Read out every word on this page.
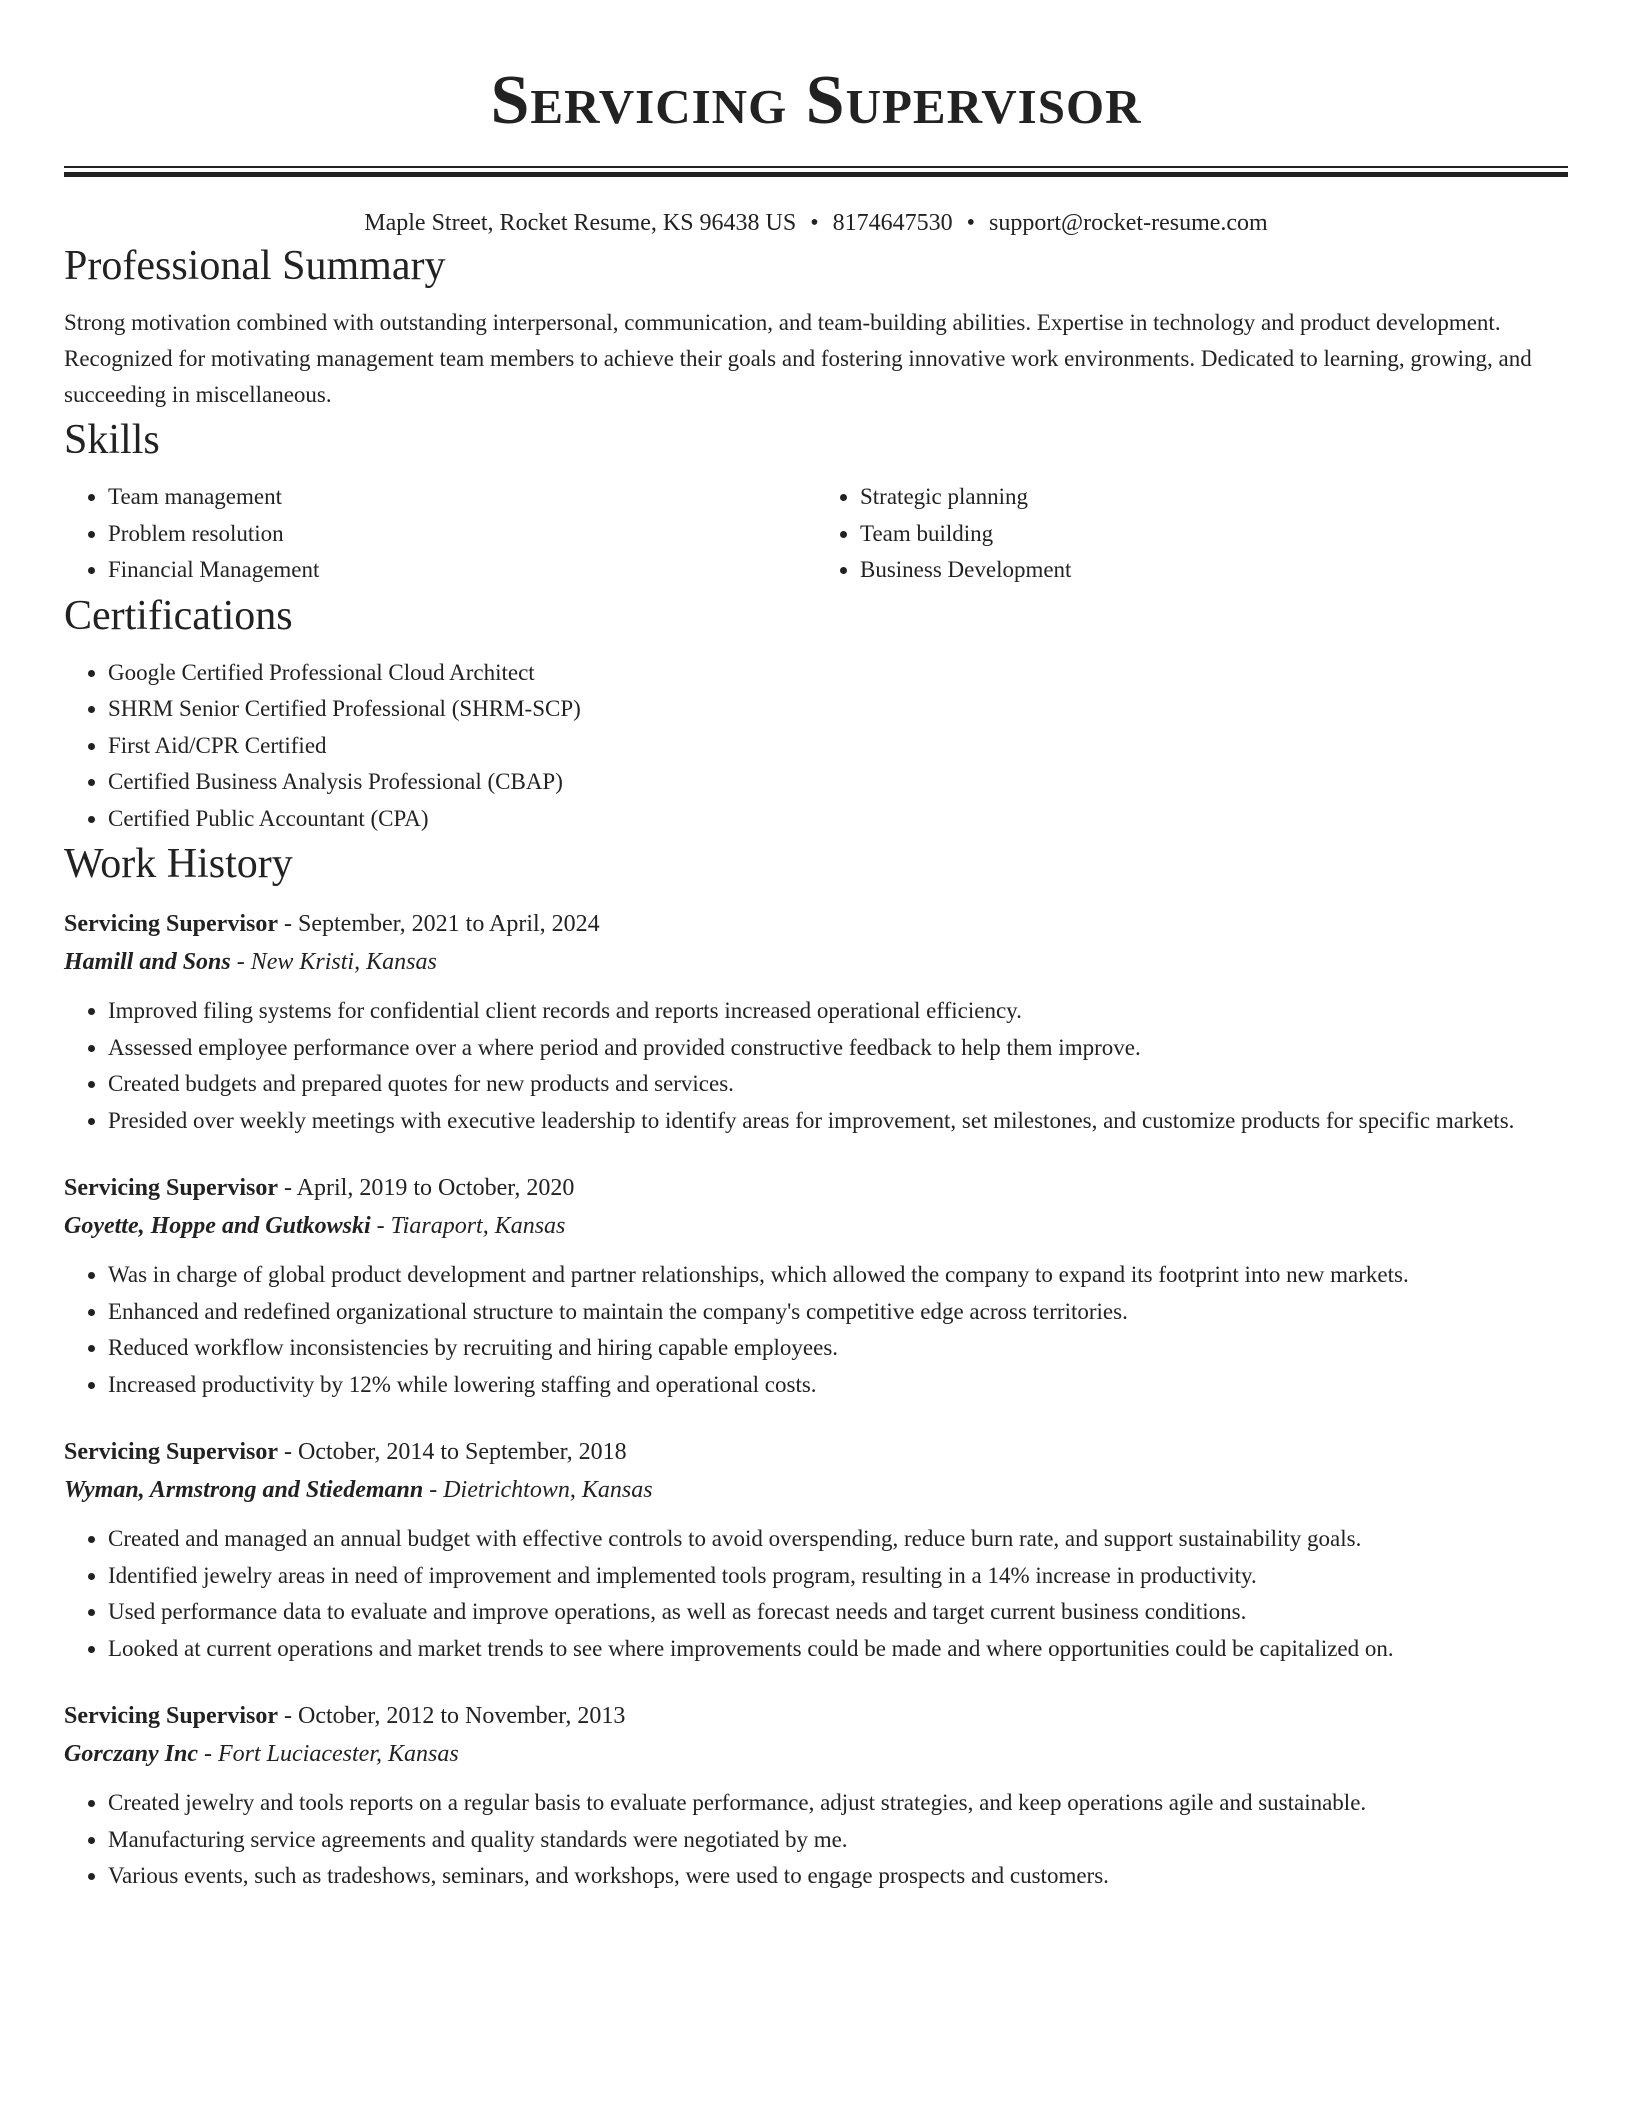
Servicing Supervisor
Maple Street, Rocket Resume, KS 96438 US • 8174647530 • support@rocket-resume.com
Professional Summary

Strong motivation combined with outstanding interpersonal, communication, and team-building abilities. Expertise in technology and product development. Recognized for motivating management team members to achieve their goals and fostering innovative work environments. Dedicated to learning, growing, and succeeding in miscellaneous.

Skills
• Team management
• Problem resolution
• Financial Management
• Strategic planning
• Team building
• Business Development
Certifications
• Google Certified Professional Cloud Architect
• SHRM Senior Certified Professional (SHRM-SCP)
• First Aid/CPR Certified
• Certified Business Analysis Professional (CBAP)
• Certified Public Accountant (CPA)
Work History
Servicing Supervisor - September, 2021 to April, 2024
Hamill and Sons - New Kristi, Kansas
• Improved filing systems for confidential client records and reports increased operational efficiency.
• Assessed employee performance over a where period and provided constructive feedback to help them improve.
• Created budgets and prepared quotes for new products and services.
• Presided over weekly meetings with executive leadership to identify areas for improvement, set milestones, and customize products for specific markets.
Servicing Supervisor - April, 2019 to October, 2020
Goyette, Hoppe and Gutkowski - Tiaraport, Kansas
• Was in charge of global product development and partner relationships, which allowed the company to expand its footprint into new markets.
• Enhanced and redefined organizational structure to maintain the company's competitive edge across territories.
• Reduced workflow inconsistencies by recruiting and hiring capable employees.
• Increased productivity by 12% while lowering staffing and operational costs.
Servicing Supervisor - October, 2014 to September, 2018
Wyman, Armstrong and Stiedemann - Dietrichtown, Kansas
• Created and managed an annual budget with effective controls to avoid overspending, reduce burn rate, and support sustainability goals.
• Identified jewelry areas in need of improvement and implemented tools program, resulting in a 14% increase in productivity.
• Used performance data to evaluate and improve operations, as well as forecast needs and target current business conditions.
• Looked at current operations and market trends to see where improvements could be made and where opportunities could be capitalized on.
Servicing Supervisor - October, 2012 to November, 2013
Gorczany Inc - Fort Luciacester, Kansas
• Created jewelry and tools reports on a regular basis to evaluate performance, adjust strategies, and keep operations agile and sustainable.
• Manufacturing service agreements and quality standards were negotiated by me.
• Various events, such as tradeshows, seminars, and workshops, were used to engage prospects and customers.
